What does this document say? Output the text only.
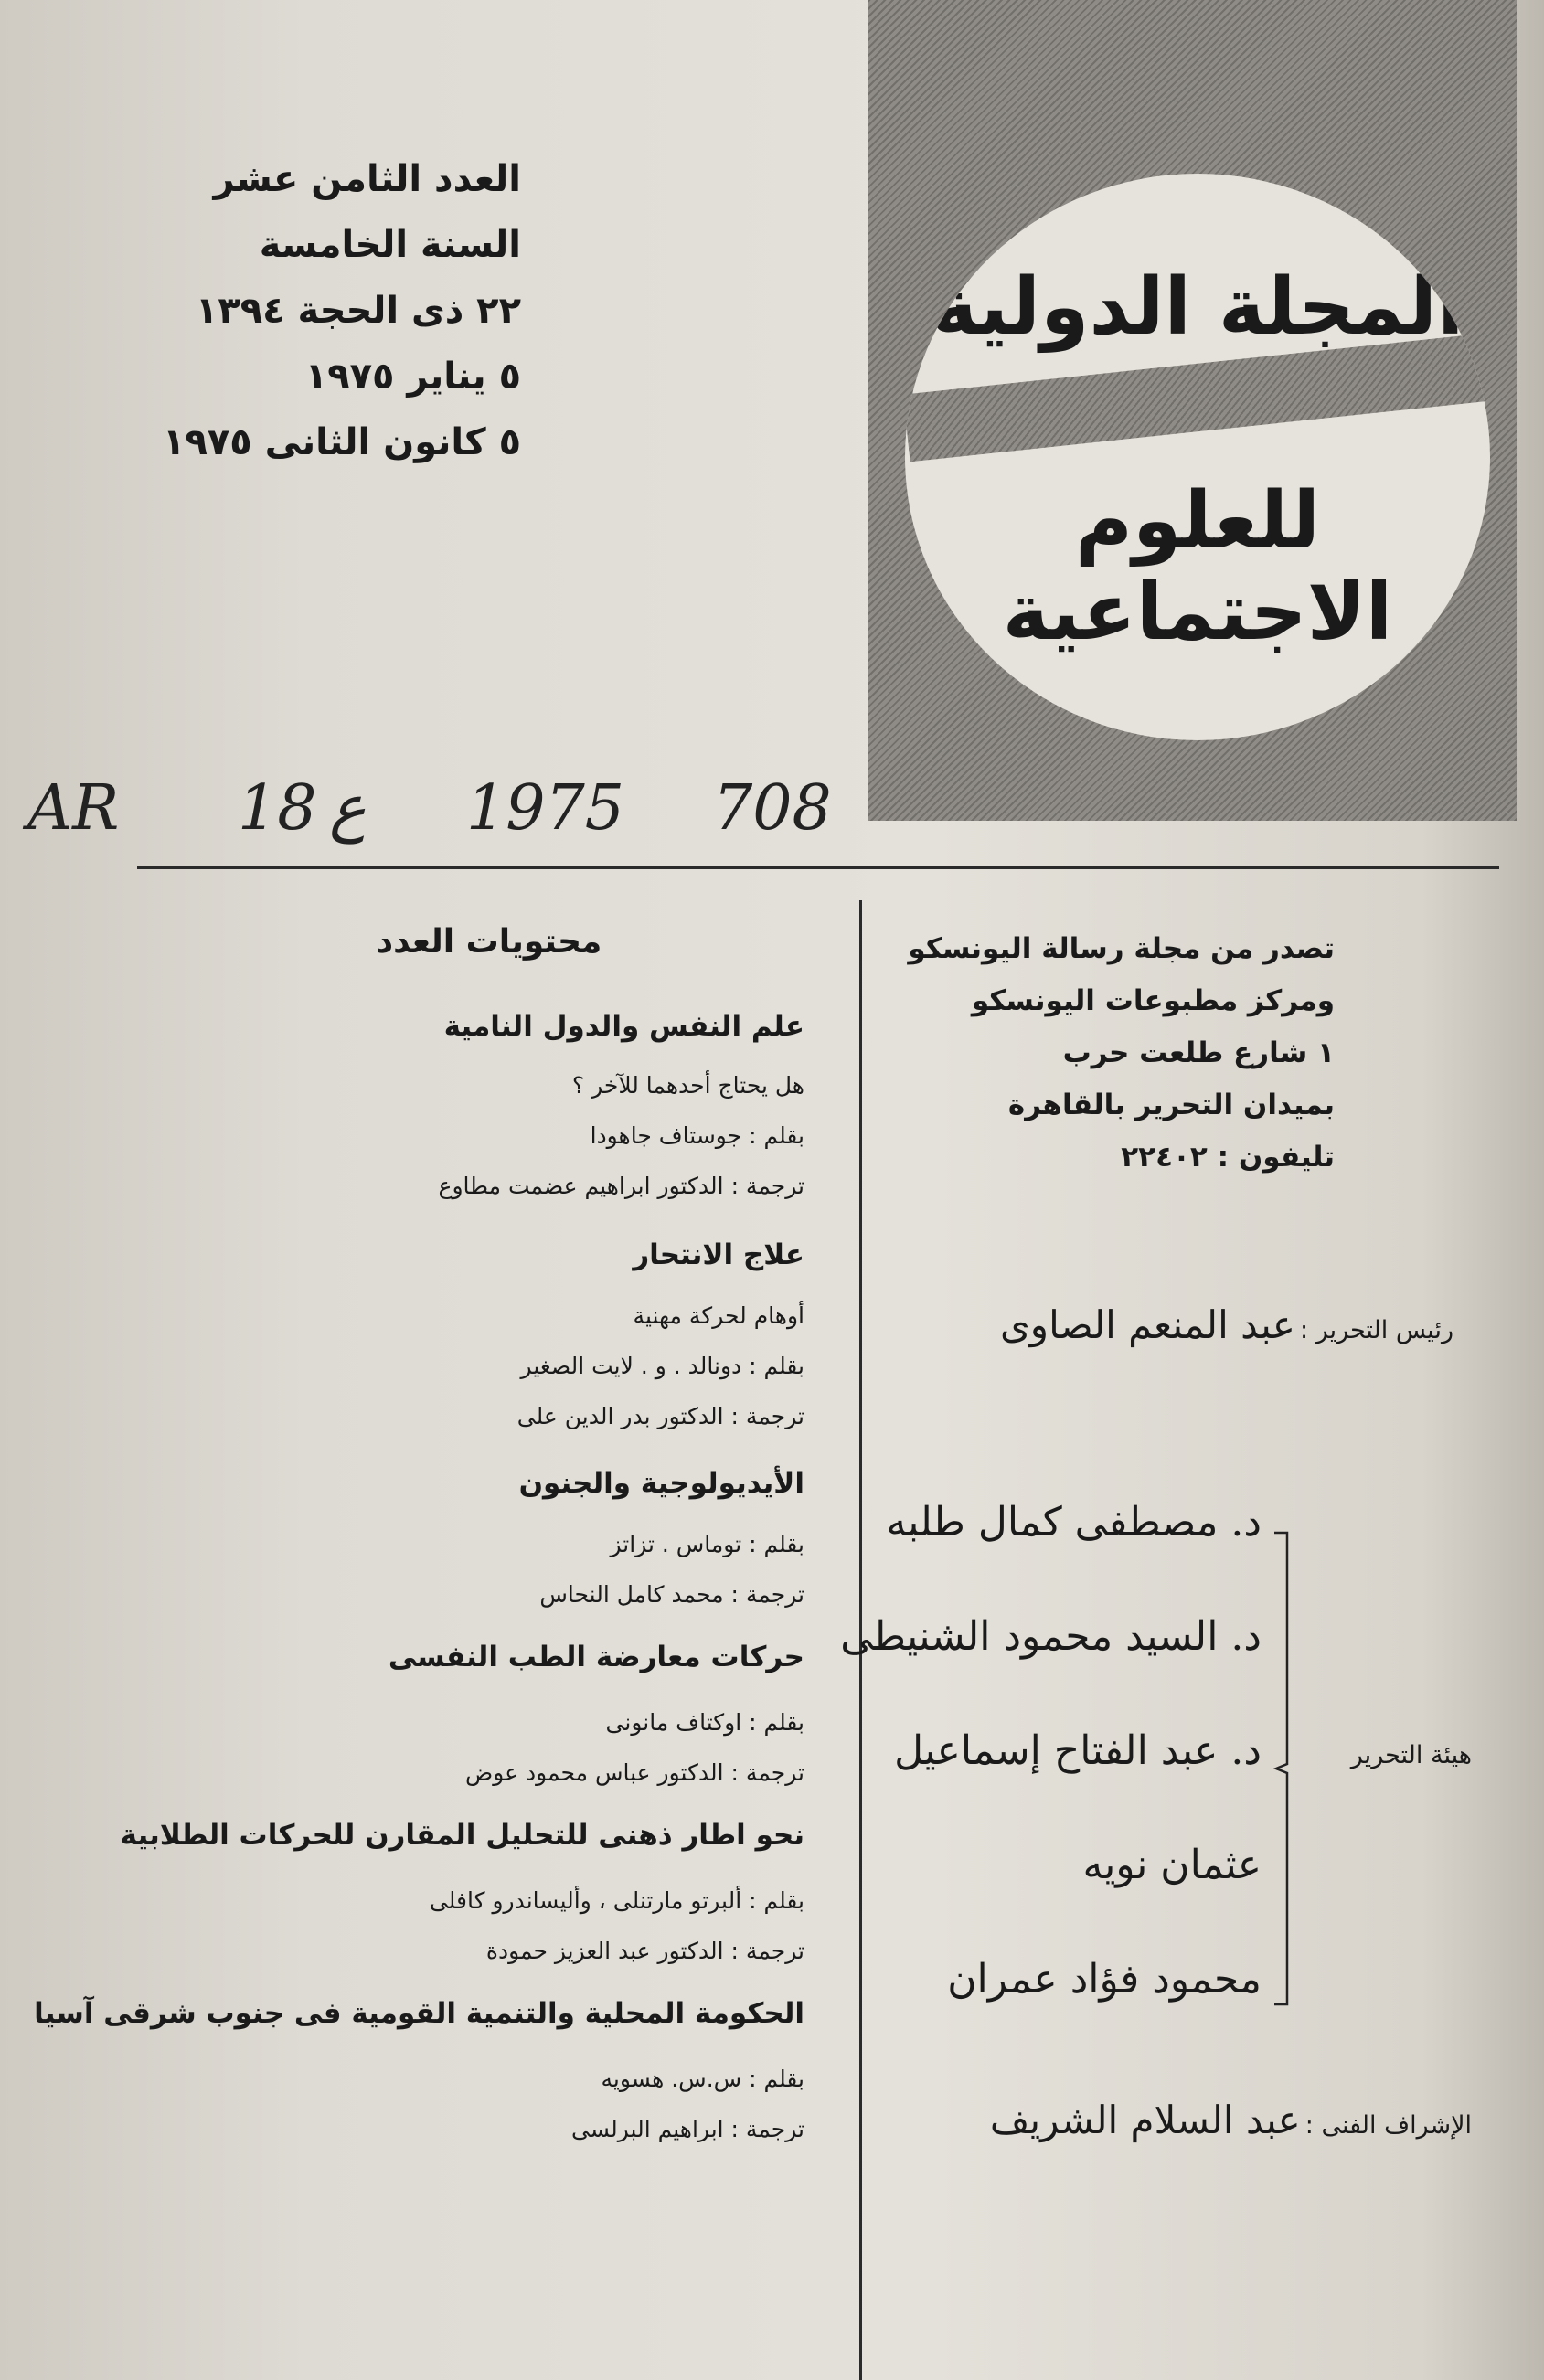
المجلة الدولية
للعلوم الاجتماعية
العدد الثامن عشر
السنة الخامسة
٢٢ ذى الحجة ١٣٩٤
٥ يناير ١٩٧٥
٥ كانون الثانى ١٩٧٥
AR 18 ع 1975 708
محتويات العدد
علم النفس والدول النامية
هل يحتاج أحدهما للآخر ؟
بقلم : جوستاف جاهودا
ترجمة : الدكتور ابراهيم عضمت مطاوع
علاج الانتحار
أوهام لحركة مهنية
بقلم : دونالد . و . لايت الصغير
ترجمة : الدكتور بدر الدين على
الأيديولوجية والجنون
بقلم : توماس . تزاتز
ترجمة : محمد كامل النحاس
حركات معارضة الطب النفسى
بقلم : اوكتاف مانونى
ترجمة : الدكتور عباس محمود عوض
نحو اطار ذهنى للتحليل المقارن للحركات الطلابية
بقلم : ألبرتو مارتنلى ، وأليساندرو كافلى
ترجمة : الدكتور عبد العزيز حمودة
الحكومة المحلية والتنمية القومية فى جنوب شرقى آسيا
بقلم : س.س. هسويه
ترجمة : ابراهيم البرلسى
تصدر من مجلة رسالة اليونسكو
ومركز مطبوعات اليونسكو
١ شارع طلعت حرب
بميدان التحرير بالقاهرة
تليفون : ٢٢٤٠٢
رئيس التحرير : عبد المنعم الصاوى
هيئة التحرير
د. مصطفى كمال طلبه
د. السيد محمود الشنيطى
د. عبد الفتاح إسماعيل
عثمان نويه
محمود فؤاد عمران
الإشراف الفنى : عبد السلام الشريف
